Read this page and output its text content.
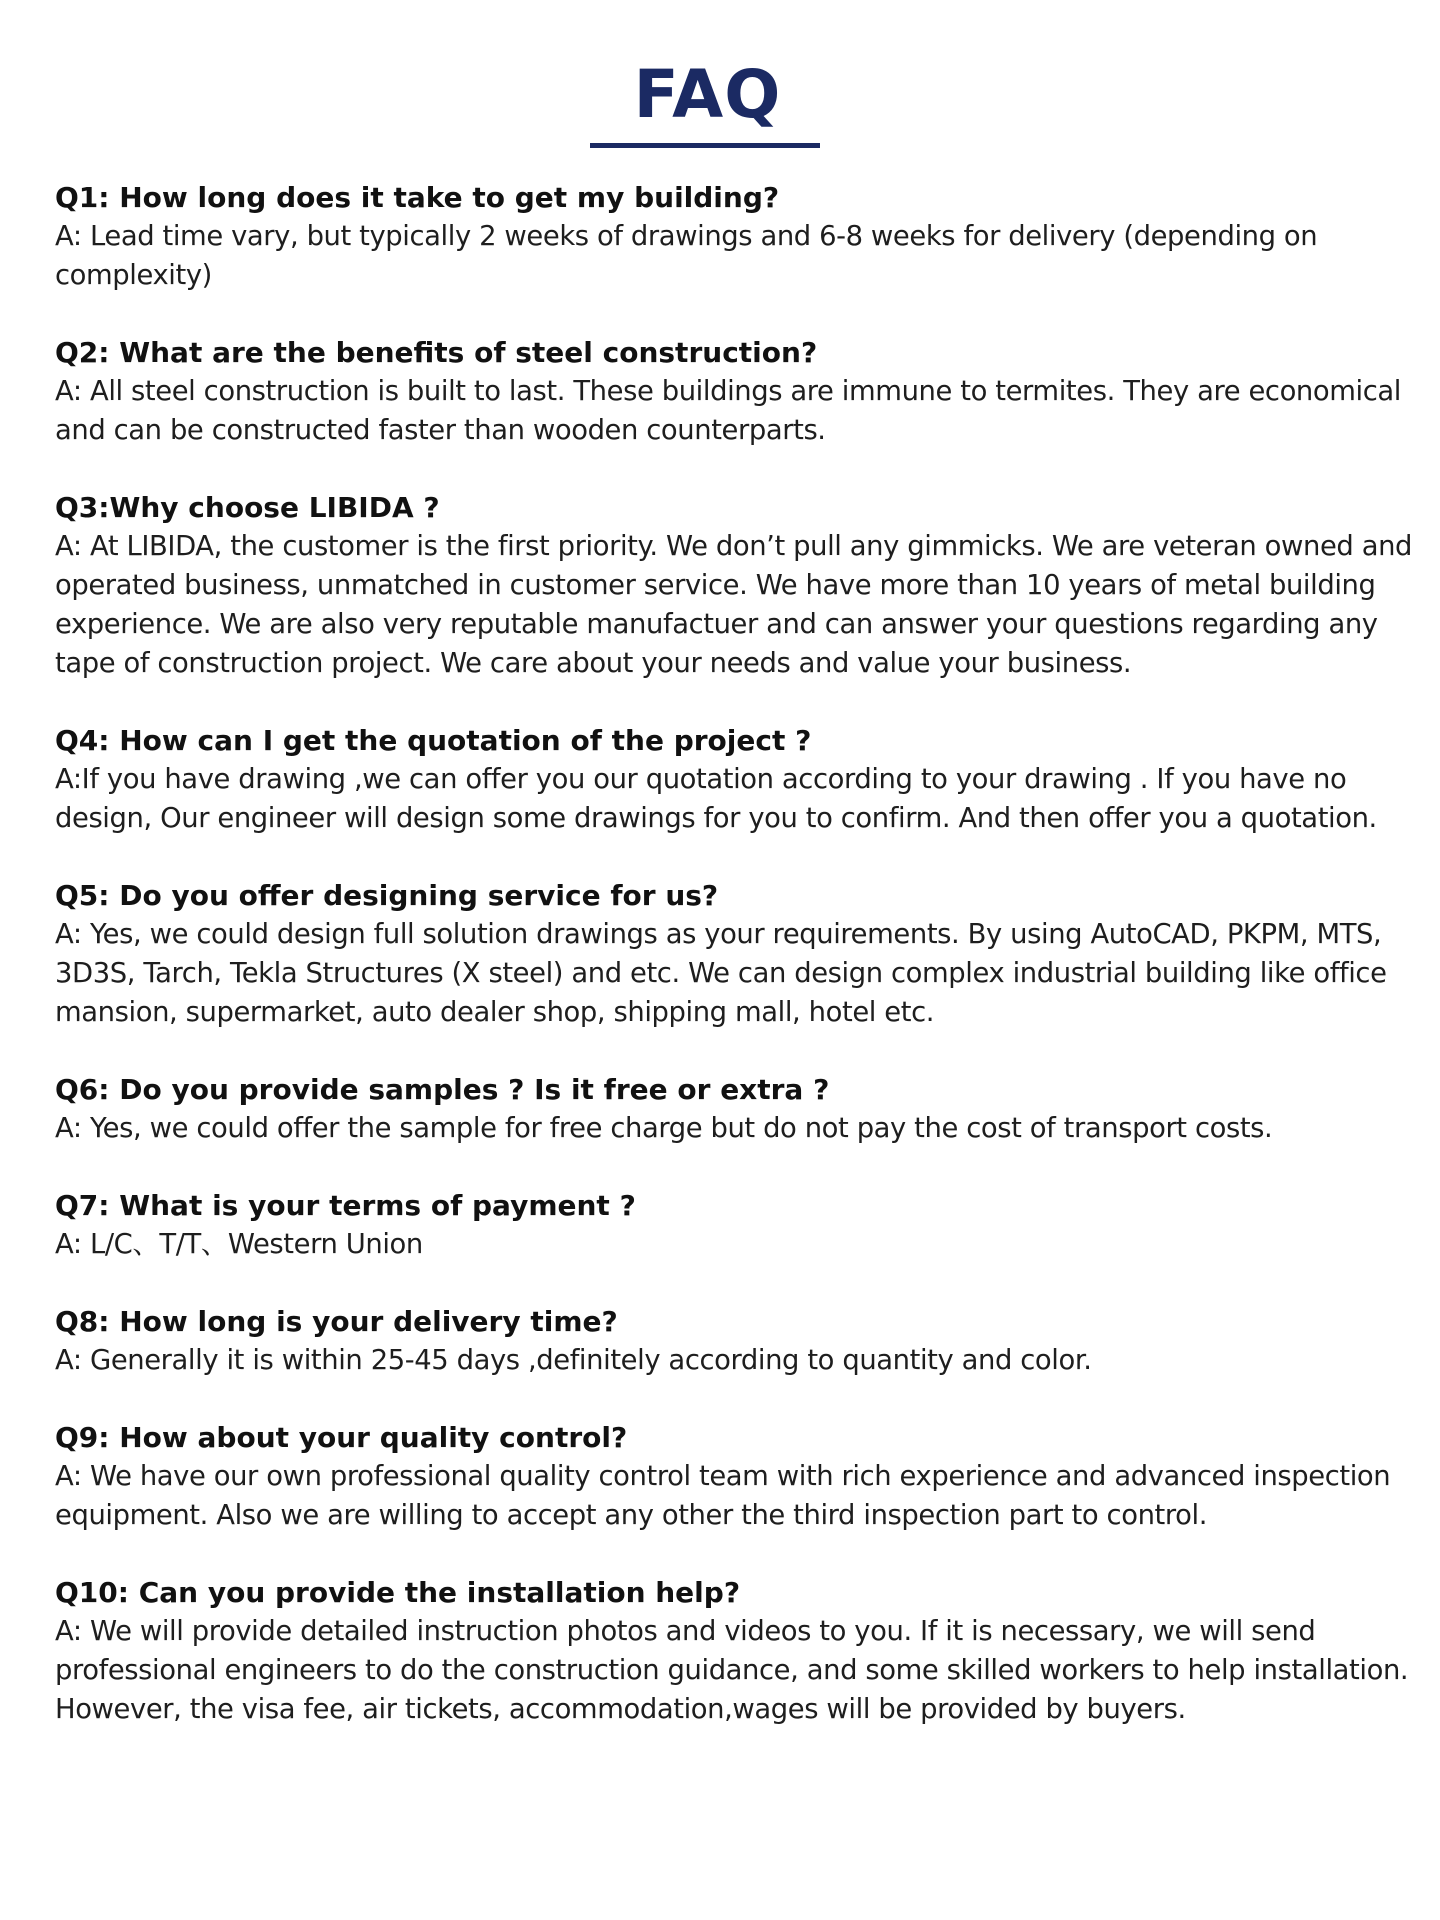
FAQ
Q1: How long does it take to get my building?
A: Lead time vary, but typically 2 weeks of drawings and 6-8 weeks for delivery (depending on complexity)
Q2: What are the benefits of steel construction?
A: All steel construction is built to last. These buildings are immune to termites. They are economical and can be constructed faster than wooden counterparts.
Q3:Why choose LIBIDA ?
A: At LIBIDA, the customer is the first priority. We don’t pull any gimmicks. We are veteran owned and operated business, unmatched in customer service. We have more than 10 years of metal building experience. We are also very reputable manufactuer and can answer your questions regarding any tape of construction project. We care about your needs and value your business.
Q4: How can I get the quotation of the project ?
A:If you have drawing ,we can offer you our quotation according to your drawing . If you have no design, Our engineer will design some drawings for you to confirm. And then offer you a quotation.
Q5: Do you offer designing service for us?
A: Yes, we could design full solution drawings as your requirements. By using AutoCAD, PKPM, MTS, 3D3S, Tarch, Tekla Structures (X steel) and etc. We can design complex industrial building like office mansion, supermarket, auto dealer shop, shipping mall, hotel etc.
Q6: Do you provide samples ? Is it free or extra ?
A: Yes, we could offer the sample for free charge but do not pay the cost of transport costs.
Q7: What is your terms of payment ?
A: L/C、T/T、Western Union
Q8: How long is your delivery time?
A: Generally it is within 25-45 days ,definitely according to quantity and color.
Q9: How about your quality control?
A: We have our own professional quality control team with rich experience and advanced inspection equipment. Also we are willing to accept any other the third inspection part to control.
Q10: Can you provide the installation help?
A: We will provide detailed instruction photos and videos to you. If it is necessary, we will send professional engineers to do the construction guidance, and some skilled workers to help installation. However, the visa fee, air tickets, accommodation,wages will be provided by buyers.
